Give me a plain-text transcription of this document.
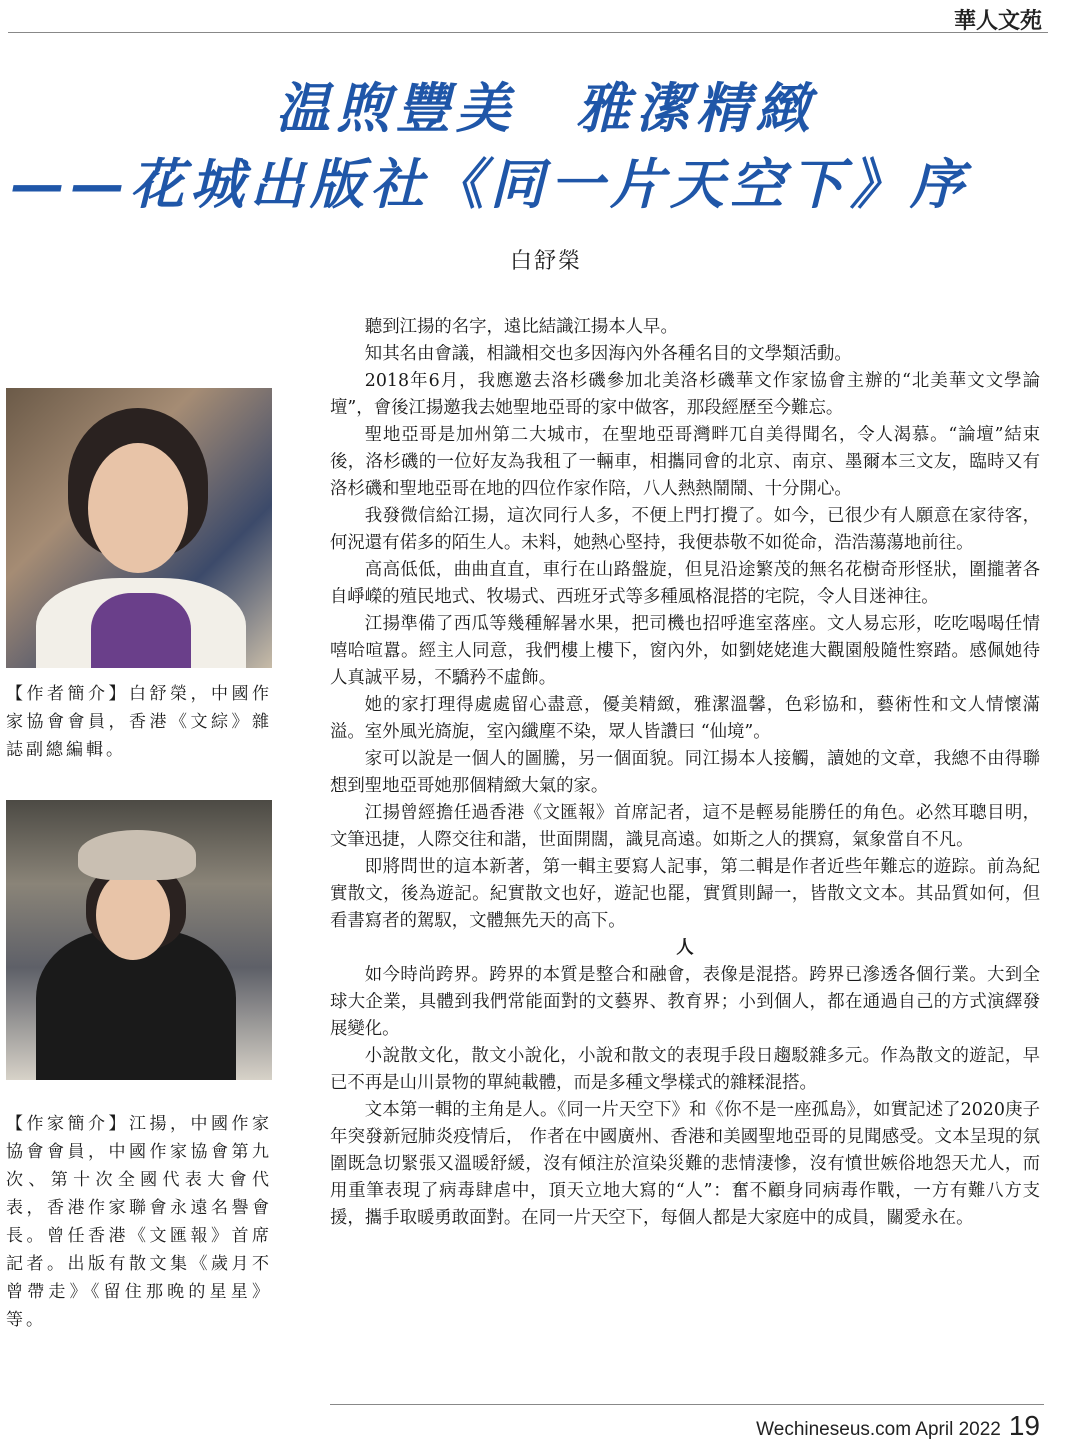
華人文苑
温煦豐美　雅潔精緻
——花城出版社《同一片天空下》序
白舒榮
【作者簡介】白舒榮，中國作家協會會員，香港《文綜》雜誌副總編輯。
【作家簡介】江揚，中國作家協會會員，中國作家協會第九次、第十次全國代表大會代表，香港作家聯會永遠名譽會長。曾任香港《文匯報》首席記者。出版有散文集《歲月不曾帶走》《留住那晚的星星》等。

聽到江揚的名字，遠比結識江揚本人早。

知其名由會議，相識相交也多因海內外各種名目的文學類活動。

2018年6月，我應邀去洛杉磯參加北美洛杉磯華文作家協會主辦的“北美華文文學論壇”，會後江揚邀我去她聖地亞哥的家中做客，那段經歷至今難忘。

聖地亞哥是加州第二大城市，在聖地亞哥灣畔兀自美得聞名，令人渴慕。“論壇”結束後，洛杉磯的一位好友為我租了一輛車，相攜同會的北京、南京、墨爾本三文友，臨時又有洛杉磯和聖地亞哥在地的四位作家作陪，八人熱熱鬧鬧、十分開心。

我發微信給江揚，這次同行人多，不便上門打攪了。如今，已很少有人願意在家待客，何況還有偌多的陌生人。未料，她熱心堅持，我便恭敬不如從命，浩浩蕩蕩地前往。

高高低低，曲曲直直，車行在山路盤旋，但見沿途繁茂的無名花樹奇形怪狀，圍攏著各自崢嶸的殖民地式、牧場式、西班牙式等多種風格混搭的宅院，令人目迷神往。

江揚準備了西瓜等幾種解暑水果，把司機也招呼進室落座。文人易忘形，吃吃喝喝任情嘻哈喧囂。經主人同意，我們樓上樓下，窗內外，如劉姥姥進大觀園般隨性察踏。感佩她待人真誠平易，不驕矜不虛飾。

她的家打理得處處留心盡意，優美精緻，雅潔溫馨，色彩協和，藝術性和文人情懷滿溢。室外風光旖旎，室內纖塵不染，眾人皆讚曰 “仙境”。

家可以說是一個人的圖騰，另一個面貌。同江揚本人接觸，讀她的文章，我總不由得聯想到聖地亞哥她那個精緻大氣的家。

江揚曾經擔任過香港《文匯報》首席記者，這不是輕易能勝任的角色。必然耳聰目明，文筆迅捷，人際交往和諧，世面開闊，識見高遠。如斯之人的撰寫，氣象當自不凡。

即將問世的這本新著，第一輯主要寫人記事，第二輯是作者近些年難忘的遊踪。前為紀實散文，後為遊記。紀實散文也好，遊記也罷，實質則歸一，皆散文文本。其品質如何，但看書寫者的駕馭，文體無先天的高下。

人

如今時尚跨界。跨界的本質是整合和融會，表像是混搭。跨界已滲透各個行業。大到全球大企業，具體到我們常能面對的文藝界、教育界；小到個人，都在通過自己的方式演繹發展變化。

小說散文化，散文小說化，小說和散文的表現手段日趨駁雜多元。作為散文的遊記，早已不再是山川景物的單純載體，而是多種文學樣式的雜糅混搭。

文本第一輯的主角是人。《同一片天空下》和《你不是一座孤島》，如實記述了2020庚子年突發新冠肺炎疫情后， 作者在中國廣州、香港和美國聖地亞哥的見聞感受。文本呈現的氛圍既急切緊張又溫暖舒緩，沒有傾注於渲染災難的悲情淒慘，沒有憤世嫉俗地怨天尤人，而用重筆表現了病毒肆虐中，頂天立地大寫的“人”：奮不顧身同病毒作戰，一方有難八方支援，攜手取暖勇敢面對。在同一片天空下，每個人都是大家庭中的成員，關愛永在。

Wechineseus.com April 2022 19
